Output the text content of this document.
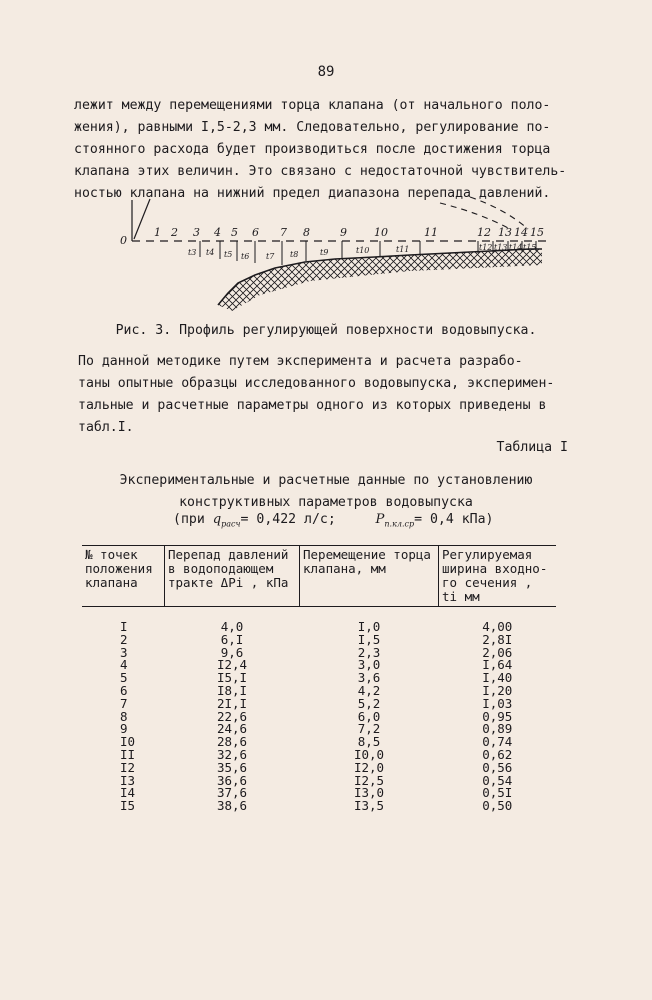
89
лежит между перемещениями торца клапана (от начального поло-
жения), равными I,5-2,3 мм. Следовательно, регулирование по-
стоянного расхода будет производиться после достижения торца
клапана этих величин. Это связано с недостаточной чувствитель-
ностью клапана на нижний предел диапазона перепада давлений.
0
1 2 3 4 5 6 7 8	9 10	11	12 13 14 15
t3 t4 t5 t6 t7 t8	t9	t10	t11	t12 t13 t14 t15
Рис. 3. Профиль регулирующей поверхности водовыпуска.
По данной методике путем эксперимента и расчета разрабо-
таны опытные образцы исследованного водовыпуска, эксперимен-
тальные и расчетные параметры одного из которых приведены в
табл.I.
Таблица I
Экспериментальные и расчетные данные по установлению
конструктивных параметров водовыпуска
(при $q_{расч}= 0,422$ л/с;	$P_{п.кл.ср}= 0,4$ кПа)
№ точек
положения
клапана	Перепад давлений
в водоподающем
тракте ΔPi , кПа	Перемещение торца
клапана, мм	Регулируемая
ширина входно-
го сечения ,
ti мм
I	4,0	I,0	4,00
2	6,I	I,5	2,8I
3	9,6	2,3	2,06
4	I2,4	3,0	I,64
5	I5,I	3,6	I,40
6	I8,I	4,2	I,20
7	2I,I	5,2	I,03
8	22,6	6,0	0,95
9	24,6	7,2	0,89
I0	28,6	8,5	0,74
II	32,6	I0,0	0,62
I2	35,6	I2,0	0,56
I3	36,6	I2,5	0,54
I4	37,6	I3,0	0,5I
I5	38,6	I3,5	0,50
